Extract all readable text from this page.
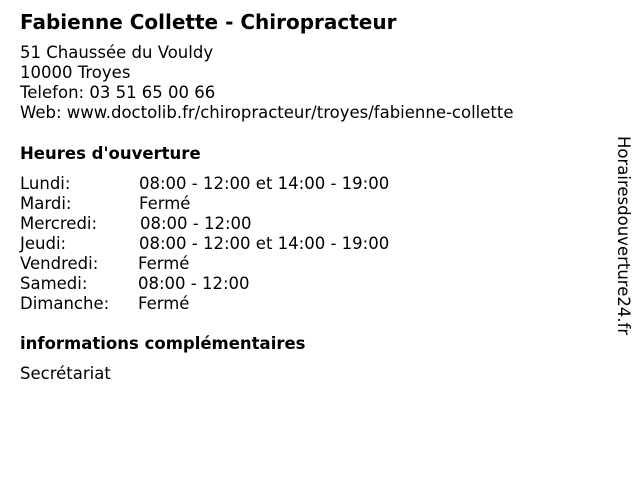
Fabienne Collette - Chiropracteur
51 Chaussée du Vouldy
10000 Troyes
Telefon: 03 51 65 00 66
Web: www.doctolib.fr/chiropracteur/troyes/fabienne-collette
Heures d'ouverture
Lundi:	08:00 - 12:00 et 14:00 - 19:00
Mardi:	Fermé
Mercredi:	08:00 - 12:00
Jeudi:	08:00 - 12:00 et 14:00 - 19:00
Vendredi: Fermé
Samedi:	08:00 - 12:00
Dimanche: Fermé
informations complémentaires
Secrétariat
Horairesdouverture24.fr
